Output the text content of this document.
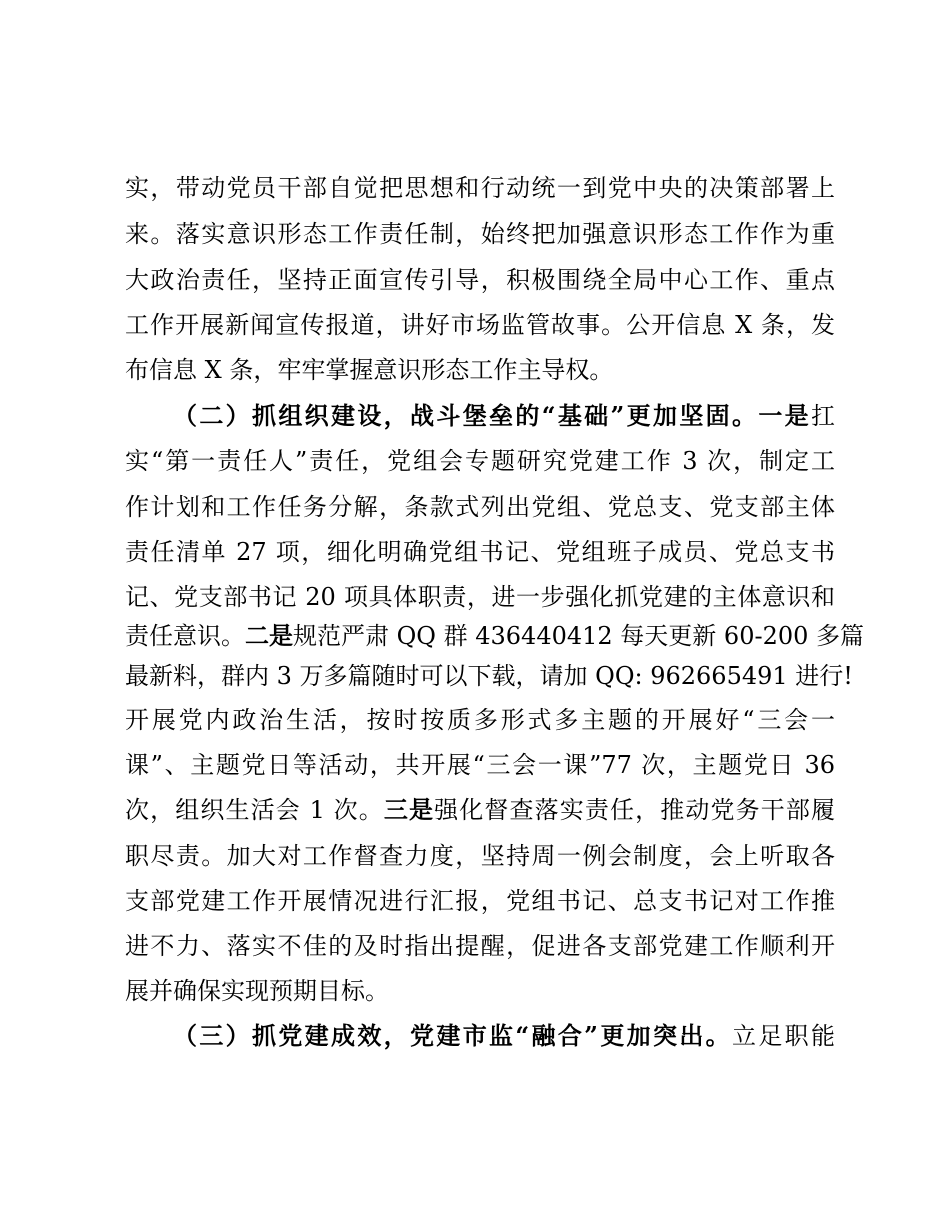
实，带动党员干部自觉把思想和行动统一到党中央的决策部署上
来。落实意识形态工作责任制，始终把加强意识形态工作作为重
大政治责任，坚持正面宣传引导，积极围绕全局中心工作、重点
工作开展新闻宣传报道，讲好市场监管故事。公开信息 X 条，发
布信息 X 条，牢牢掌握意识形态工作主导权。
（二）抓组织建设，战斗堡垒的“基础”更加坚固。一是扛
实“第一责任人”责任，党组会专题研究党建工作 3 次，制定工
作计划和工作任务分解，条款式列出党组、党总支、党支部主体
责任清单 27 项，细化明确党组书记、党组班子成员、党总支书
记、党支部书记 20 项具体职责，进一步强化抓党建的主体意识和
责任意识。二是规范严肃 QQ 群 436440412 每天更新 60-200 多篇
最新料，群内 3 万多篇随时可以下载，请加 QQ: 962665491 进行!
开展党内政治生活，按时按质多形式多主题的开展好“三会一
课”、主题党日等活动，共开展“三会一课”77 次，主题党日 36
次，组织生活会 1 次。三是强化督查落实责任，推动党务干部履
职尽责。加大对工作督查力度，坚持周一例会制度，会上听取各
支部党建工作开展情况进行汇报，党组书记、总支书记对工作推
进不力、落实不佳的及时指出提醒，促进各支部党建工作顺利开
展并确保实现预期目标。
（三）抓党建成效，党建市监“融合”更加突出。立足职能
